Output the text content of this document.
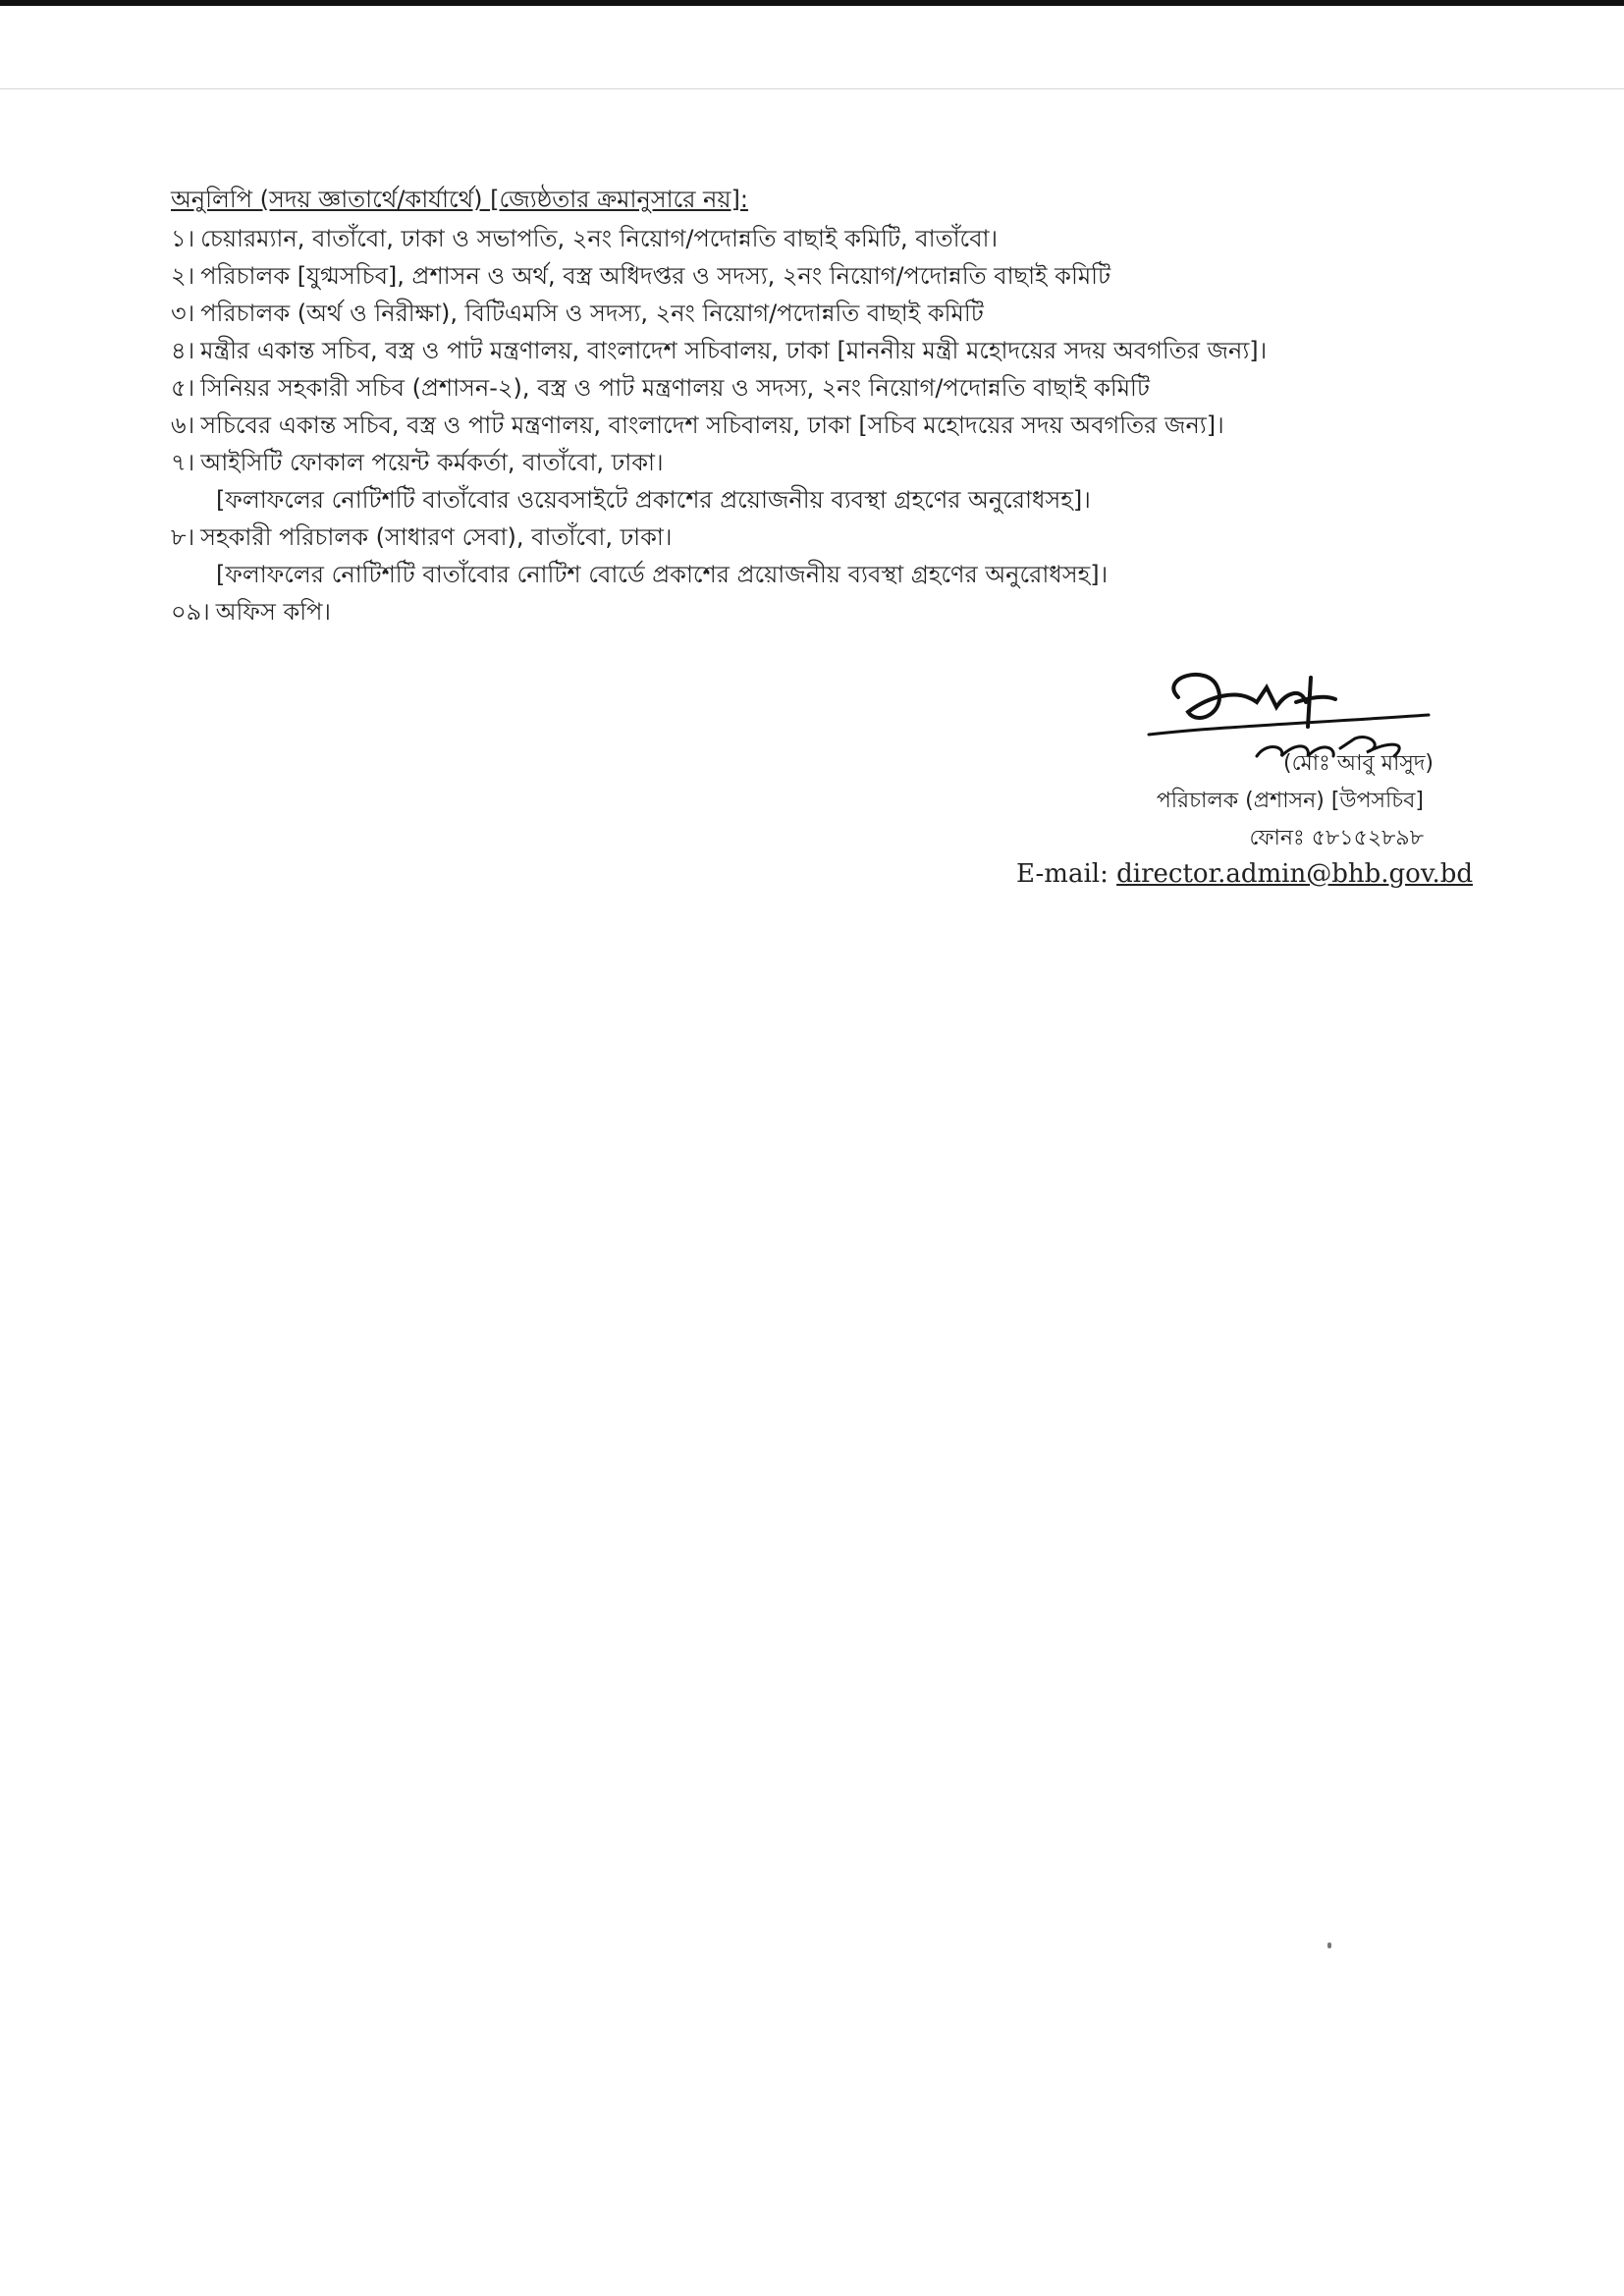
অনুলিপি (সদয় জ্ঞাতার্থে/কার্যার্থে) [জ্যেষ্ঠতার ক্রমানুসারে নয়]:

১। চেয়ারম্যান, বাতাঁবো, ঢাকা ও সভাপতি, ২নং নিয়োগ/পদোন্নতি বাছাই কমিটি, বাতাঁবো।
২। পরিচালক [যুগ্মসচিব], প্রশাসন ও অর্থ, বস্ত্র অধিদপ্তর ও সদস্য, ২নং নিয়োগ/পদোন্নতি বাছাই কমিটি
৩। পরিচালক (অর্থ ও নিরীক্ষা), বিটিএমসি ও সদস্য, ২নং নিয়োগ/পদোন্নতি বাছাই কমিটি
৪। মন্ত্রীর একান্ত সচিব, বস্ত্র ও পাট মন্ত্রণালয়, বাংলাদেশ সচিবালয়, ঢাকা [মাননীয় মন্ত্রী মহোদয়ের সদয় অবগতির জন্য]।
৫। সিনিয়র সহকারী সচিব (প্রশাসন-২), বস্ত্র ও পাট মন্ত্রণালয় ও সদস্য, ২নং নিয়োগ/পদোন্নতি বাছাই কমিটি
৬। সচিবের একান্ত সচিব, বস্ত্র ও পাট মন্ত্রণালয়, বাংলাদেশ সচিবালয়, ঢাকা [সচিব মহোদয়ের সদয় অবগতির জন্য]।
৭। আইসিটি ফোকাল পয়েন্ট কর্মকর্তা, বাতাঁবো, ঢাকা।
[ফলাফলের নোটিশটি বাতাঁবোর ওয়েবসাইটে প্রকাশের প্রয়োজনীয় ব্যবস্থা গ্রহণের অনুরোধসহ]।
৮। সহকারী পরিচালক (সাধারণ সেবা), বাতাঁবো, ঢাকা।
[ফলাফলের নোটিশটি বাতাঁবোর নোটিশ বোর্ডে প্রকাশের প্রয়োজনীয় ব্যবস্থা গ্রহণের অনুরোধসহ]।
০৯। অফিস কপি।
(মোঃ আবু মাসুদ)
পরিচালক (প্রশাসন) [উপসচিব]
ফোনঃ ৫৮১৫২৮৯৮
E-mail: director.admin@bhb.gov.bd
